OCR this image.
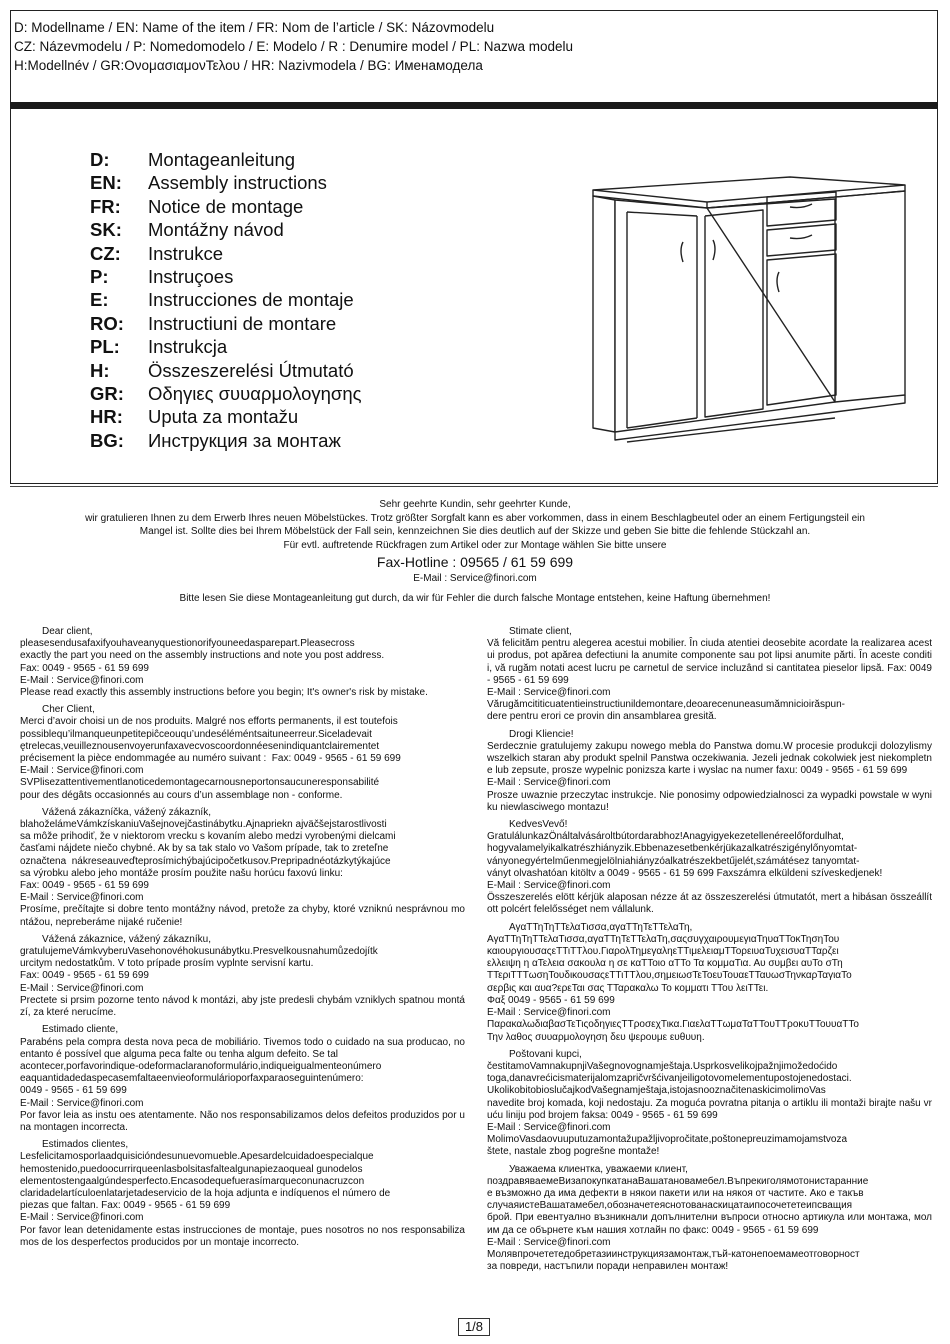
D: Modellname / EN: Name of the item / FR: Nom de l’article / SK: Názovmodelu
CZ: Názevmodelu / P: Nomedomodelo / E: Modelo / R : Denumire model / PL: Nazwa modelu
H:Modellnév / GR:ΟνομασιαμονΤελου / HR: Nazivmodela / BG: Именамодела
D:	Montageanleitung
EN:	Assembly instructions
FR:	Notice de montage
SK:	Montážny návod
CZ:	Instrukce
P:	Instruçoes
E:	Instrucciones de montaje
RO:	Instructiuni de montare
PL:	Instrukcja
H:	Összeszerelési Útmutató
GR:	Οδηγιες συυαρμολογησης
HR:	Uputa za montažu
BG:	Инструкция за монтаж
Sehr geehrte Kundin, sehr geehrter Kunde,
wir gratulieren Ihnen zu dem Erwerb Ihres neuen Möbelstückes. Trotz größter Sorgfalt kann es aber vorkommen, dass in einem Beschlagbeutel oder an einem Fertigungsteil ein
Mangel ist. Sollte dies bei Ihrem Möbelstück der Fall sein, kennzeichnen Sie dies deutlich auf der Skizze und geben Sie bitte die fehlende Stückzahl an.
Für evtl. auftretende Rückfragen zum Artikel oder zur Montage wählen Sie bitte unsere
Fax-Hotline : 09565 / 61 59 699
E-Mail : Service@finori.com
Bitte lesen Sie diese Montageanleitung gut durch, da wir für Fehler die durch falsche Montage entstehen, keine Haftung übernehmen!
Dear client,
pleasesendusafaxifyouhaveanyquestionorifyouneedasparepart.Pleasecross
exactly the part you need on the assembly instructions and note you post address.
Fax: 0049 - 9565 - 61 59 699
E-Mail : Service@finori.com
Please read exactly this assembly instructions before you begin; It's owner's risk by mistake.
Cher Client,
Merci d’avoir choisi un de nos produits. Malgré nos efforts permanents, il est toutefois
possiblequ’ilmanqueunpetitepiĉceouqu’undeséléméntsaituneerreur.Siceladevait
ętrelecas,veuilleznousenvoyerunfaxavecvoscoordonnéesenindiquantclairementet
précisement la pièce endommagée au numéro suivant :  Fax: 0049 - 9565 - 61 59 699
E-Mail : Service@finori.com
SVPlisezattentivementlanoticedemontagecarnousneportonsaucuneresponsabilité
pour des dégâts occasionnés au cours d’un assemblage non - conforme.
Vážená zákazníčka, vážený zákazník,
blahoželámeVámkzískaniuVašejnovejčastinábytku.Ajnapriekn ajväčšejstarostlivosti
sa môže prihodiť, že v niektorom vrecku s kovaním alebo medzi vyrobenými dielcami
časťami nájdete niečo chybné. Ak by sa tak stalo vo Vašom prípade, tak to zreteľne
označtena  nákreseauveďteprosímichýbajúcipočetkusov.Prepripadnéotázkytýkajúce
sa výrobku alebo jeho montáže prosím použite našu horúcu faxovú linku:
Fax: 0049 - 9565 - 61 59 699
E-Mail : Service@finori.com
Prosíme, prečítajte si dobre tento montážny návod, pretože za chyby, ktoré vzniknú nesprávnou montážou, nepreberáme nijaké ručenie!
Vážená zákaznice, vážený zákazníku,
gratulujemeVámkvyberuVasehonovéhokusunábytku.Presvelkousnahumůzedojítk
urcitym nedostatkům. V toto prípade prosím vyplnte servisní kartu.
Fax: 0049 - 9565 - 61 59 699
E-Mail : Service@finori.com
Prectete si prsim pozorne tento návod k montázi, aby jste predesli chybám vzniklych spatnou montází, za které nerucíme.
Estimado cliente,
Parabéns pela compra desta nova peca de mobiliário. Tivemos todo o cuidado na sua producao, no entanto é possível que alguma peca falte ou tenha algum defeito. Se tal
acontecer,porfavorindique-odeformaclaranoformulário,indiqueigualmenteonúmero
eaquantidadedaspecasemfaltaeenvieoformulárioporfaxparaoseguintenúmero:
0049 - 9565 - 61 59 699
E-Mail : Service@finori.com
Por favor leia as instu oes atentamente. Não nos responsabilizamos delos defeitos produzidos por una montagen incorrecta.
Estimados clientes,
Lesfelicitamosporlaadquisicióndesunuevomueble.Apesardelcuidadoespecialque
hemostenido,puedoocurrirqueenlasbolsitasfaltealgunapiezaoqueal gunodelos
elementostengaalgúndesperfecto.Encasodequefuerasímarqueconunacruzcon
claridadelartículoenlatarjetadeservicio de la hoja adjunta e indíquenos el número de
piezas que faltan. Fax: 0049 - 9565 - 61 59 699
E-Mail : Service@finori.com
Por favor lean detenidamente estas instrucciones de montaje, pues nosotros no nos responsabilizamos de los desperfectos producidos por un montaje incorrecto.
Stimate client,
Vă felicităm pentru alegerea acestui mobilier. În ciuda atentiei deosebite acordate la realizarea acestui produs, pot apărea defectiuni la anumite componente sau pot lipsi anumite părti. În aceste conditii, vă rugăm notati acest lucru pe carnetul de service incluzând si cantitatea pieselor lipsă. Fax: 0049 - 9565 - 61 59 699
E-Mail : Service@finori.com
Vărugămcititicuatentieinstructiunildemontare,deoarecenuneasumămnicioirăspun-
dere pentru erori ce provin din ansamblarea gresită.
Drogi Kliencie!
Serdecznie gratulujemy zakupu nowego mebla do Panstwa domu.W procesie produkcji dolozylismy wszelkich staran aby produkt spelnil Panstwa oczekiwania. Jezeli jednak cokolwiek jest niekompletne lub zepsute, prosze wypelnic ponizsza karte i wyslac na numer faxu: 0049 - 9565 - 61 59 699
E-Mail : Service@finori.com
Prosze uwaznie przeczytac instrukcje. Nie ponosimy odpowiedzialnosci za wypadki powstale w wyniku niewlasciwego montazu!
KedvesVevő!
GratulálunkazÖnáltalvásároltbútordarabhoz!Anagyigyekezetellenéreelőfordulhat,
hogyvalamelyikalkatrészhiányzik.Ebbenazesetbenkérjükazalkatrészigénylőnyomtat-
ványonegyértelműenmegjelölniahiányzóalkatrészekbetűjelét,számátésez tanyomtat-
ványt olvashatóan kitöltv a 0049 - 9565 - 61 59 699 Faxszámra elküldeni szíveskedjenek!
E-Mail : Service@finori.com
Összeszerelés elött kérjük alaposan nézze át az összeszerelési útmutatót, mert a hibásan összeállított polcért felelősséget nem vállalunk.
ΑγαΤΤηΤηΤΤελαΤισσα,αγαΤΤηΤεΤΤελαΤη,
ΑγαΤΤηΤηΤΤελαΤισσα,αγαΤΤηΤεΤΤελαΤη,σαςσυγχαιρουμεγιαΤηυαΤΤοκΤησηΤου
καιουργιουσαςεΤΤιΤΤλου.ΓιαρολΤημεγαληεΤΤιμελειαμΤΤορειυαΤυχεισυαΤΤαρζει
ελλειψη η αΤελεια σακουλα η σε καΤΤοιο αΤΤο Τα κομμαΤια. Αυ συμβει αυΤο σΤη
ΤΤεριΤΤΤωσηΤουδικουσαςεΤΤιΤΤλου,σημειωσΤεΤοευΤουαεΤΤαυωσΤηνκαρΤαγιαΤο
σερβις και αυα?ερεΤαι σας ΤΤαρακαλω Το κομματι ΤΤου λειΤΤει.
Φαξ 0049 - 9565 - 61 59 699
E-Mail : Service@finori.com
ΠαρακαλωδιαβασΤεΤιςοδηγιεςΤΤροσεχΤικα.ΓιαελαΤΤωμαΤαΤΤουΤΤροκυΤΤουυαΤΤο
Την λαθος συυαρμολογηση δευ ψερουμε ευθυυη.
Poštovani kupci,
čestitamoVamnakupnjiVašegnovognamještaja.Usprkosvelikojpažnjimožedoćido
toga,danavrećicismaterijalomzapričvršćivanjeiligotovomelementupostojenedostaci.
UkolikobitobioslučajkodVašegnamještaja,istojasnooznačitenaskicimolimoVas
navedite broj komada, koji nedostaju. Za moguća povratna pitanja o artiklu ili montaži birajte našu vruću liniju pod brojem faksa: 0049 - 9565 - 61 59 699
E-Mail : Service@finori.com
MolimoVasdaovuuputuzamontažupažljivopročitate,poštonepreuzimamojamstvoza
štete, nastale zbog pogrešne montaže!
Уважаема клиентка, уважаеми клиент,
поздравяваемеВизапокупкатанаВашатановамебел.Въпрекиголямотонистаранние
е възможно да има дефекти в някои пакети или на някоя от частите. Ако е такъв
случаяистеВашатамебел,обозначетеяснотованаскицатаипосочететеипсващия
брой. При евентуално възникнали допълнителни въпроси относно артикула или монтажа, молим да се обърнете към нашия хотлайн по факс: 0049 - 9565 - 61 59 699
E-Mail : Service@finori.com
Молявпрочететедобретазиинструкциязамонтаж,тъй-катонепоемамеотговорност
за повреди, настъпили поради неправилен монтаж!
1/8
